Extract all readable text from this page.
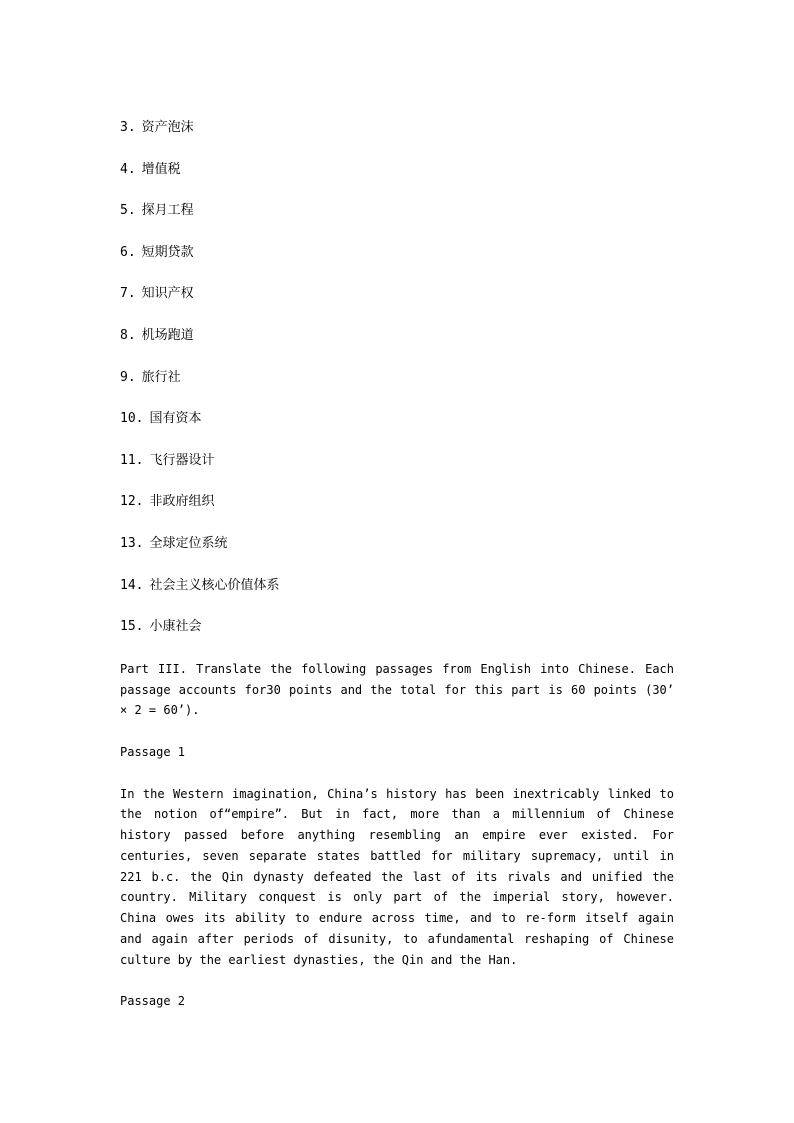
3. 资产泡沫
4. 增值税
5. 探月工程
6. 短期贷款
7. 知识产权
8. 机场跑道
9. 旅行社
10. 国有资本
11. 飞行器设计
12. 非政府组织
13. 全球定位系统
14. 社会主义核心价值体系
15. 小康社会
Part III. Translate the following passages from English into Chinese. Each passage accounts for30 points and the total for this part is 60 points (30’ × 2 = 60’).
Passage 1
In the Western imagination, China’s history has been inextricably linked to the notion of“empire”. But in fact, more than a millennium of Chinese history passed before anything resembling an empire ever existed. For centuries, seven separate states battled for military supremacy, until in 221 b.c. the Qin dynasty defeated the last of its rivals and unified the country. Military conquest is only part of the imperial story, however. China owes its ability to endure across time, and to re-form itself again and again after periods of disunity, to afundamental reshaping of Chinese culture by the earliest dynasties, the Qin and the Han.
Passage 2
